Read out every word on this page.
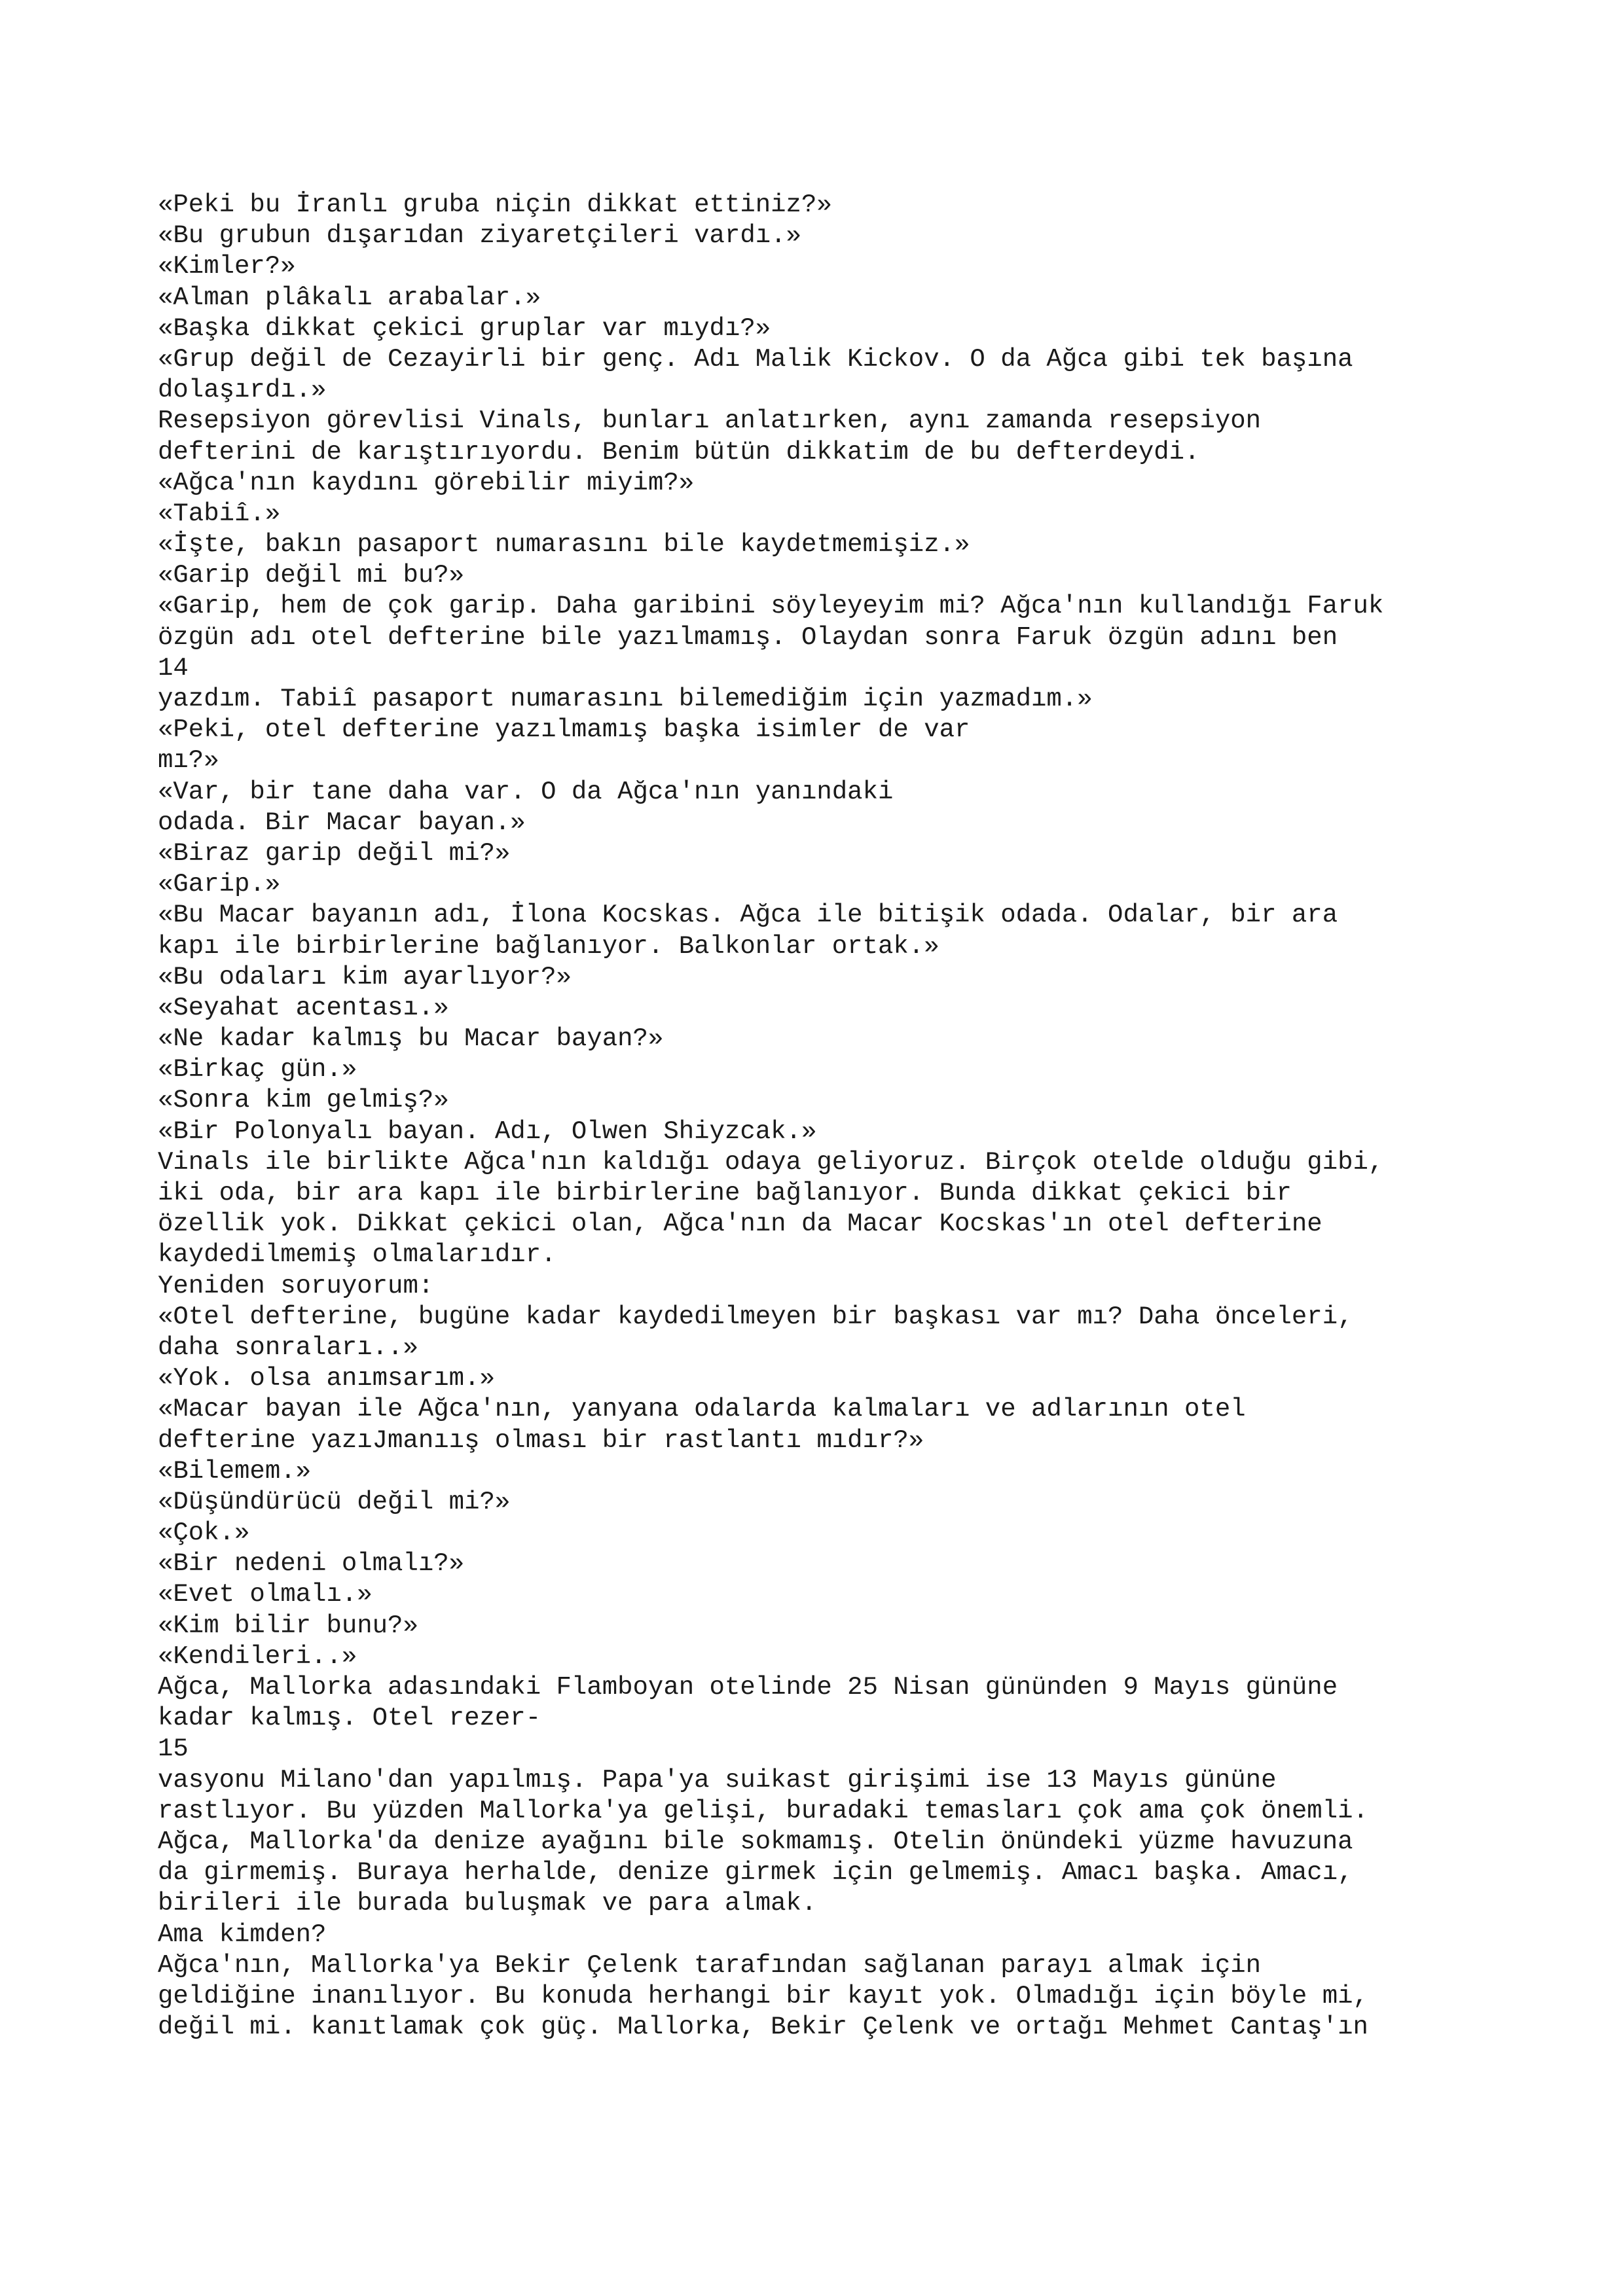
«Peki bu İranlı gruba niçin dikkat ettiniz?»
«Bu grubun dışarıdan ziyaretçileri vardı.»
«Kimler?»
«Alman plâkalı arabalar.»
«Başka dikkat çekici gruplar var mıydı?»
«Grup değil de Cezayirli bir genç. Adı Malik Kickov. O da Ağca gibi tek başına
dolaşırdı.»
Resepsiyon görevlisi Vinals, bunları anlatırken, aynı zamanda resepsiyon
defterini de karıştırıyordu. Benim bütün dikkatim de bu defterdeydi.
«Ağca'nın kaydını görebilir miyim?»
«Tabiî.»
«İşte, bakın pasaport numarasını bile kaydetmemişiz.»
«Garip değil mi bu?»
«Garip, hem de çok garip. Daha garibini söyleyeyim mi? Ağca'nın kullandığı Faruk
özgün adı otel defterine bile yazılmamış. Olaydan sonra Faruk özgün adını ben
14
yazdım. Tabiî pasaport numarasını bilemediğim için yazmadım.»
«Peki, otel defterine yazılmamış başka isimler de var
mı?»
«Var, bir tane daha var. O da Ağca'nın yanındaki
odada. Bir Macar bayan.»
«Biraz garip değil mi?»
«Garip.»
«Bu Macar bayanın adı, İlona Kocskas. Ağca ile bitişik odada. Odalar, bir ara
kapı ile birbirlerine bağlanıyor. Balkonlar ortak.»
«Bu odaları kim ayarlıyor?»
«Seyahat acentası.»
«Ne kadar kalmış bu Macar bayan?»
«Birkaç gün.»
«Sonra kim gelmiş?»
«Bir Polonyalı bayan. Adı, Olwen Shiyzcak.»
Vinals ile birlikte Ağca'nın kaldığı odaya geliyoruz. Birçok otelde olduğu gibi,
iki oda, bir ara kapı ile birbirlerine bağlanıyor. Bunda dikkat çekici bir
özellik yok. Dikkat çekici olan, Ağca'nın da Macar Kocskas'ın otel defterine
kaydedilmemiş olmalarıdır.
Yeniden soruyorum:
«Otel defterine, bugüne kadar kaydedilmeyen bir başkası var mı? Daha önceleri,
daha sonraları..»
«Yok. olsa anımsarım.»
«Macar bayan ile Ağca'nın, yanyana odalarda kalmaları ve adlarının otel
defterine yazıJmanıış olması bir rastlantı mıdır?»
«Bilemem.»
«Düşündürücü değil mi?»
«Çok.»
«Bir nedeni olmalı?»
«Evet olmalı.»
«Kim bilir bunu?»
«Kendileri..»
Ağca, Mallorka adasındaki Flamboyan otelinde 25 Nisan gününden 9 Mayıs gününe
kadar kalmış. Otel rezer-
15
vasyonu Milano'dan yapılmış. Papa'ya suikast girişimi ise 13 Mayıs gününe
rastlıyor. Bu yüzden Mallorka'ya gelişi, buradaki temasları çok ama çok önemli.
Ağca, Mallorka'da denize ayağını bile sokmamış. Otelin önündeki yüzme havuzuna
da girmemiş. Buraya herhalde, denize girmek için gelmemiş. Amacı başka. Amacı,
birileri ile burada buluşmak ve para almak.
Ama kimden?
Ağca'nın, Mallorka'ya Bekir Çelenk tarafından sağlanan parayı almak için
geldiğine inanılıyor. Bu konuda herhangi bir kayıt yok. Olmadığı için böyle mi,
değil mi. kanıtlamak çok güç. Mallorka, Bekir Çelenk ve ortağı Mehmet Cantaş'ın
